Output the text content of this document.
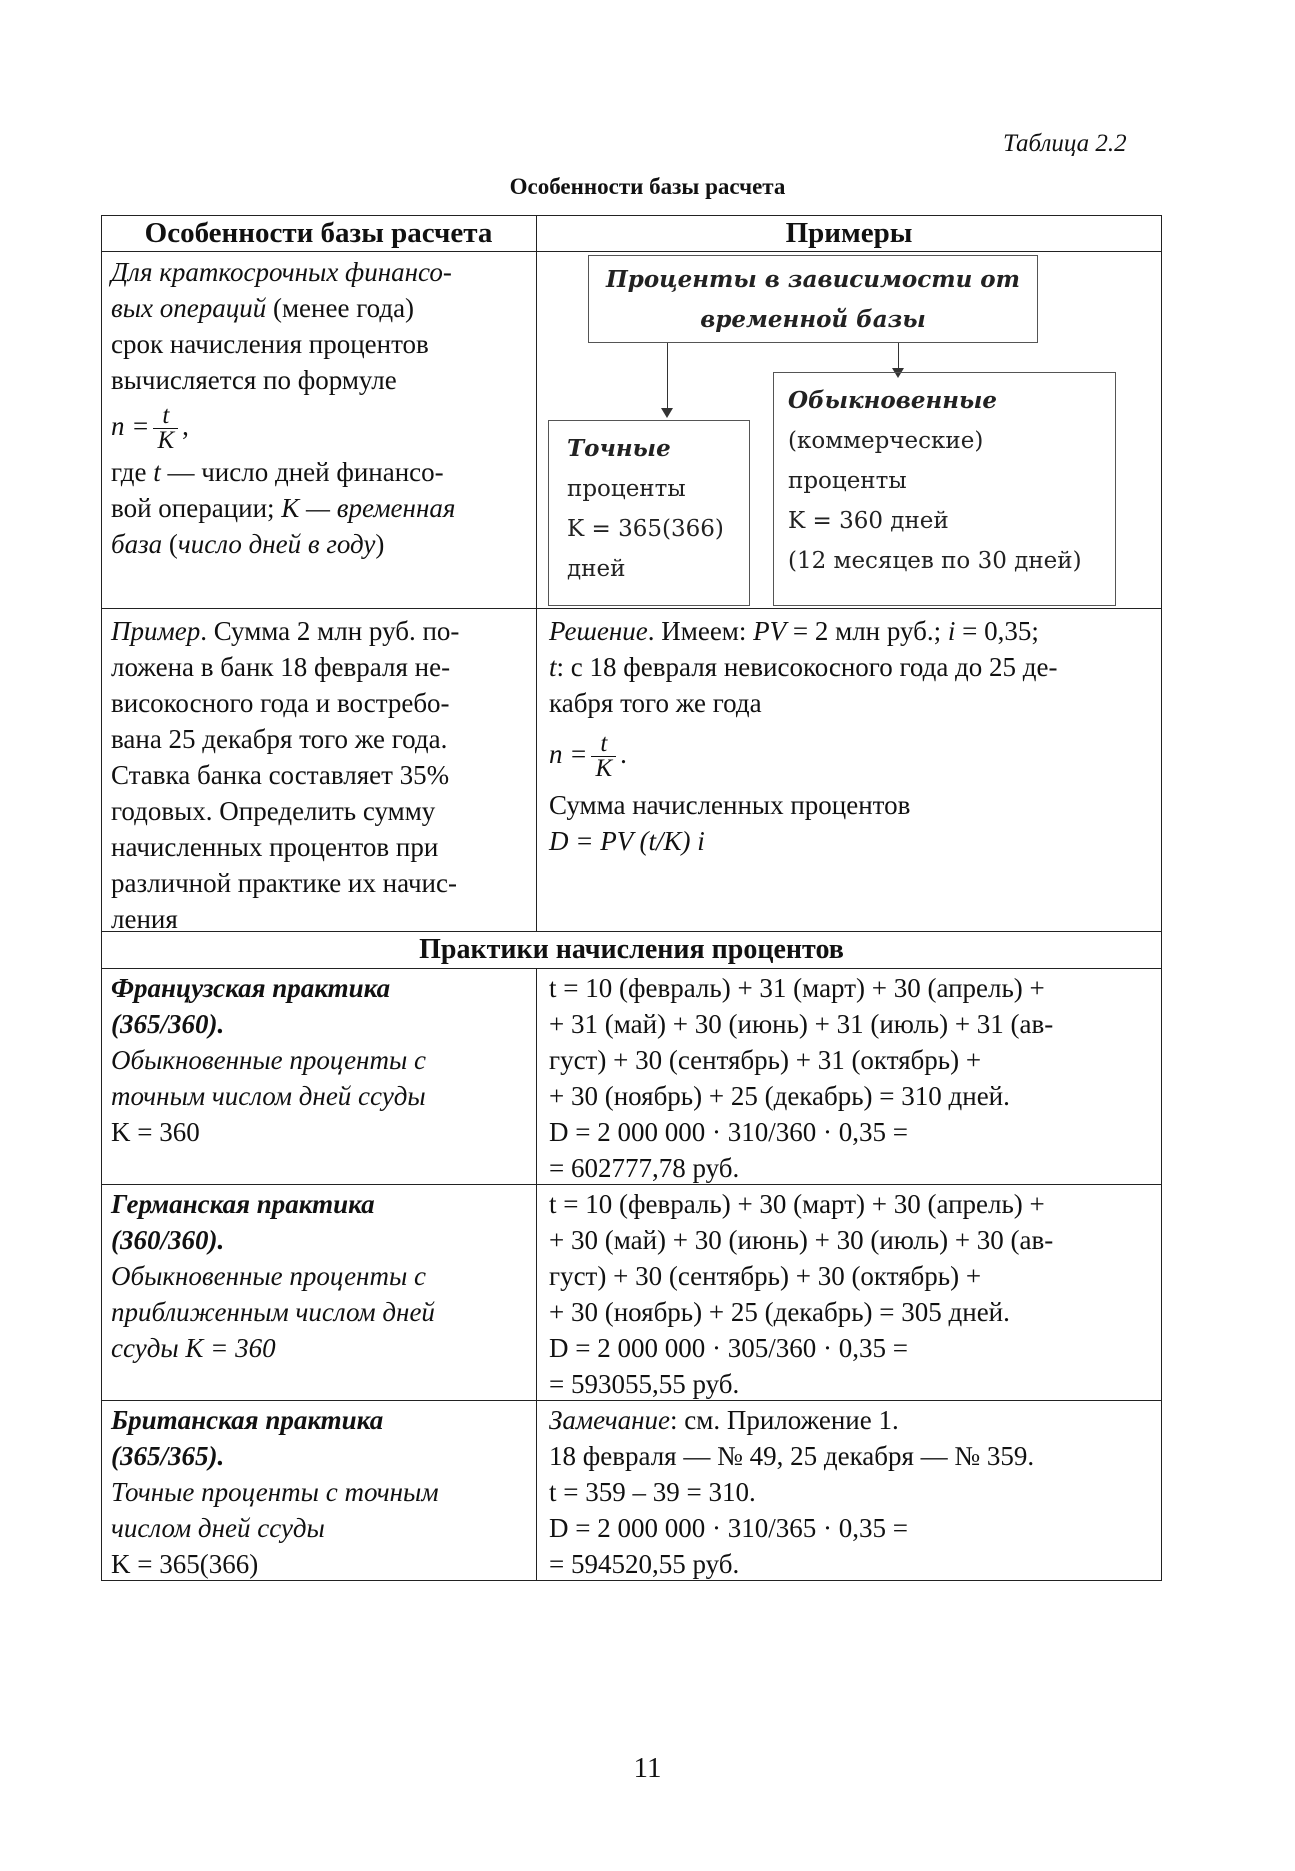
Таблица 2.2
Особенности базы расчета
Особенности базы расчета	Примеры
Для краткосрочных финансо-
вых операций (менее года)
срок начисления процентов
вычисляется по формуле
$n = \frac{t}{K}$ ,
где t — число дней финансо-
вой операции; K — временная
база (число дней в году)
Проценты в зависимости от
временной базы
Точные
проценты
K = 365(366)
дней
Обыкновенные
(коммерческие)
проценты
K = 360 дней
(12 месяцев по 30 дней)
Пример. Сумма 2 млн руб. по-
ложена в банк 18 февраля не-
високосного года и востребо-
вана 25 декабря того же года.
Ставка банка составляет 35%
годовых. Определить сумму
начисленных процентов при
различной практике их начис-
ления
Решение. Имеем: PV = 2 млн руб.; i = 0,35;
t: с 18 февраля невисокосного года до 25 де-
кабря того же года
$n = \frac{t}{K}$ .
Сумма начисленных процентов
D = PV (t/K) i
Практики начисления процентов
Французская практика
(365/360).
Обыкновенные проценты с
точным числом дней ссуды
K = 360
t = 10 (февраль) + 31 (март) + 30 (апрель) +
+ 31 (май) + 30 (июнь) + 31 (июль) + 31 (ав-
густ) + 30 (сентябрь) + 31 (октябрь) +
+ 30 (ноябрь) + 25 (декабрь) = 310 дней.
D = 2 000 000 · 310/360 · 0,35 =
= 602777,78 руб.
Германская практика
(360/360).
Обыкновенные проценты с
приближенным числом дней
ссуды K = 360
t = 10 (февраль) + 30 (март) + 30 (апрель) +
+ 30 (май) + 30 (июнь) + 30 (июль) + 30 (ав-
густ) + 30 (сентябрь) + 30 (октябрь) +
+ 30 (ноябрь) + 25 (декабрь) = 305 дней.
D = 2 000 000 · 305/360 · 0,35 =
= 593055,55 руб.
Британская практика
(365/365).
Точные проценты с точным
числом дней ссуды
K = 365(366)
Замечание: см. Приложение 1.
18 февраля — № 49, 25 декабря — № 359.
t = 359 – 39 = 310.
D = 2 000 000 · 310/365 · 0,35 =
= 594520,55 руб.
11
